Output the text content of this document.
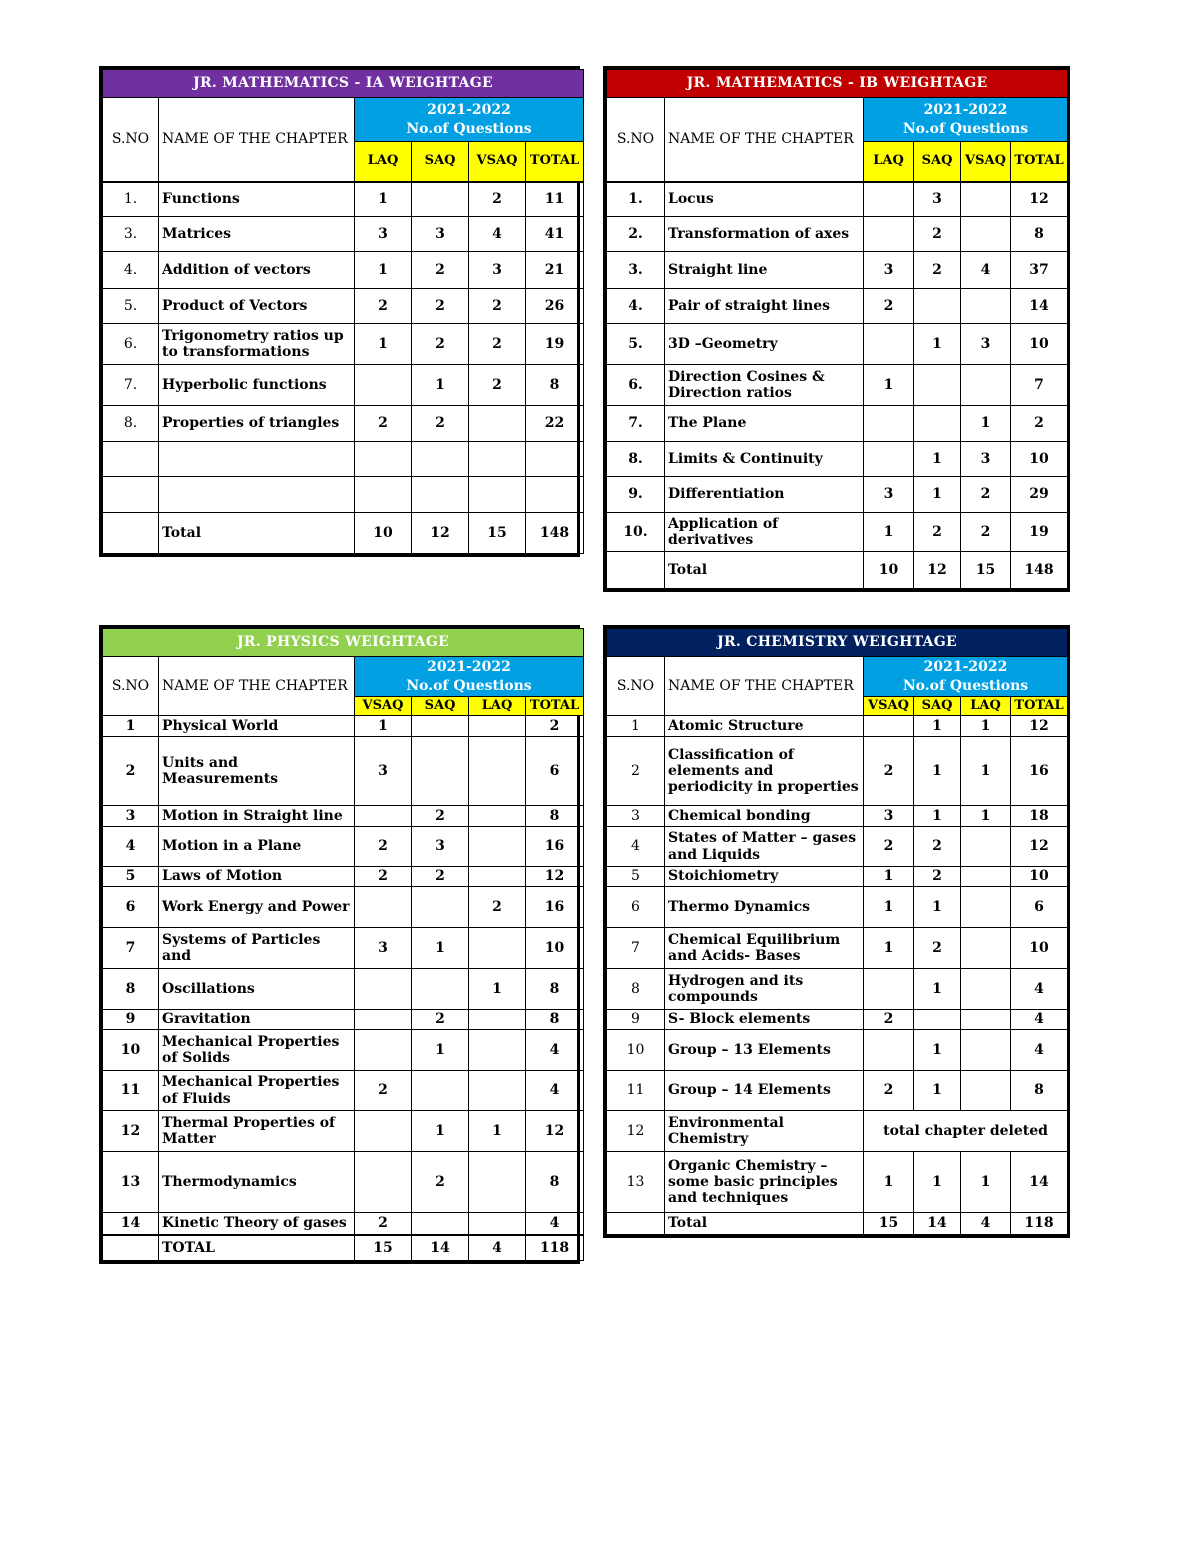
JR. MATHEMATICS - IA WEIGHTAGE					
S.NO	NAME OF THE CHAPTER	2021-2022
No.of Questions			

		LAQ	SAQ	VSAQ	TOTAL
1.	Functions	1		2	11
3.	Matrices	3	3	4	41
4.	Addition of vectors	1	2	3	21
5.	Product of Vectors	2	2	2	26
6.	Trigonometry ratios up to transformations	1	2	2	19
7.	Hyperbolic functions		1	2	8
8.	Properties of triangles	2	2		22

	Total	10	12	15	148
JR. MATHEMATICS - IB WEIGHTAGE					
S.NO	NAME OF THE CHAPTER	2021-2022
No.of Questions			

		LAQ	SAQ	VSAQ	TOTAL
1.	Locus		3		12
2.	Transformation of axes		2		8
3.	Straight line	3	2	4	37
4.	Pair of straight lines	2			14
5.	3D –Geometry		1	3	10
6.	Direction Cosines & Direction ratios	1			7
7.	The Plane			1	2
8.	Limits & Continuity		1	3	10
9.	Differentiation	3	1	2	29
10.	Application of derivatives	1	2	2	19
	Total	10	12	15	148
JR. PHYSICS WEIGHTAGE					
S.NO	NAME OF THE CHAPTER	2021-2022
No.of Questions			

		VSAQ	SAQ	LAQ	TOTAL
1	Physical World	1			2
2	Units and Measurements	3			6
3	Motion in Straight line		2		8
4	Motion in a Plane	2	3		16
5	Laws of Motion	2	2		12
6	Work Energy and Power			2	16
7	Systems of Particles and	3	1		10
8	Oscillations			1	8
9	Gravitation		2		8
10	Mechanical Properties of Solids		1		4
11	Mechanical Properties of Fluids	2			4
12	Thermal Properties of Matter		1	1	12
13	Thermodynamics		2		8
14	Kinetic Theory of gases	2			4
	TOTAL	15	14	4	118
JR. CHEMISTRY WEIGHTAGE					
S.NO	NAME OF THE CHAPTER	2021-2022
No.of Questions			

		VSAQ	SAQ	LAQ	TOTAL
1	Atomic Structure		1	1	12
2	Classification of elements and periodicity in properties	2	1	1	16
3	Chemical bonding	3	1	1	18
4	States of Matter – gases and Liquids	2	2		12
5	Stoichiometry	1	2		10
6	Thermo Dynamics	1	1		6
7	Chemical Equilibrium and Acids- Bases	1	2		10
8	Hydrogen and its compounds		1		4
9	S- Block elements	2			4
10	Group – 13 Elements		1		4
11	Group – 14 Elements	2	1		8
12	Environmental Chemistry	total chapter deleted			
13	Organic Chemistry – some basic principles and techniques	1	1	1	14
	Total	15	14	4	118
